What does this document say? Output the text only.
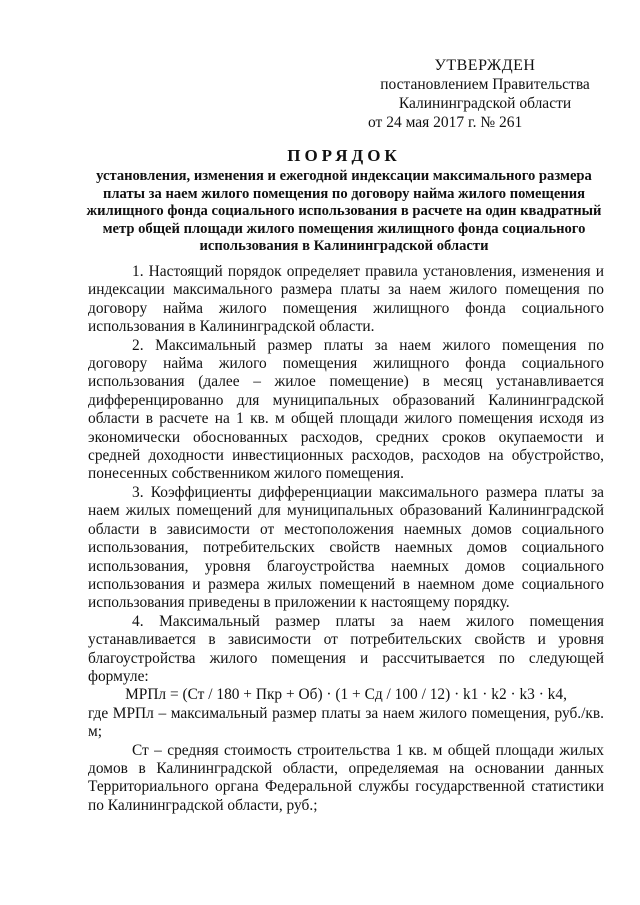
УТВЕРЖДЕН
постановлением Правительства
Калининградской области
от 24 мая 2017 г. № 261
ПОРЯДОК
установления, изменения и ежегодной индексации максимального размера платы за наем жилого помещения по договору найма жилого помещения жилищного фонда социального использования в расчете на один квадратный метр общей площади жилого помещения жилищного фонда социального использования в Калининградской области

1. Настоящий порядок определяет правила установления, изменения и индексации максимального размера платы за наем жилого помещения по договору найма жилого помещения жилищного фонда социального использования в Калининградской области.

2. Максимальный размер платы за наем жилого помещения по договору найма жилого помещения жилищного фонда социального использования (далее – жилое помещение) в месяц устанавливается дифференцированно для муниципальных образований Калининградской области в расчете на 1 кв. м общей площади жилого помещения исходя из экономически обоснованных расходов, средних сроков окупаемости и средней доходности инвестиционных расходов, расходов на обустройство, понесенных собственником жилого помещения.

3. Коэффициенты дифференциации максимального размера платы за наем жилых помещений для муниципальных образований Калининградской области в зависимости от местоположения наемных домов социального использования, потребительских свойств наемных домов социального использования, уровня благоустройства наемных домов социального использования и размера жилых помещений в наемном доме социального использования приведены в приложении к настоящему порядку.

4. Максимальный размер платы за наем жилого помещения устанавливается в зависимости от потребительских свойств и уровня благоустройства жилого помещения и рассчитывается по следующей формуле:

МРПл = (Ст / 180 + Пкр + Об) · (1 + Сд / 100 / 12) · k1 · k2 · k3 · k4,

где МРПл – максимальный размер платы за наем жилого помещения, руб./кв. м;

Ст – средняя стоимость строительства 1 кв. м общей площади жилых домов в Калининградской области, определяемая на основании данных Территориального органа Федеральной службы государственной статистики по Калининградской области, руб.;
